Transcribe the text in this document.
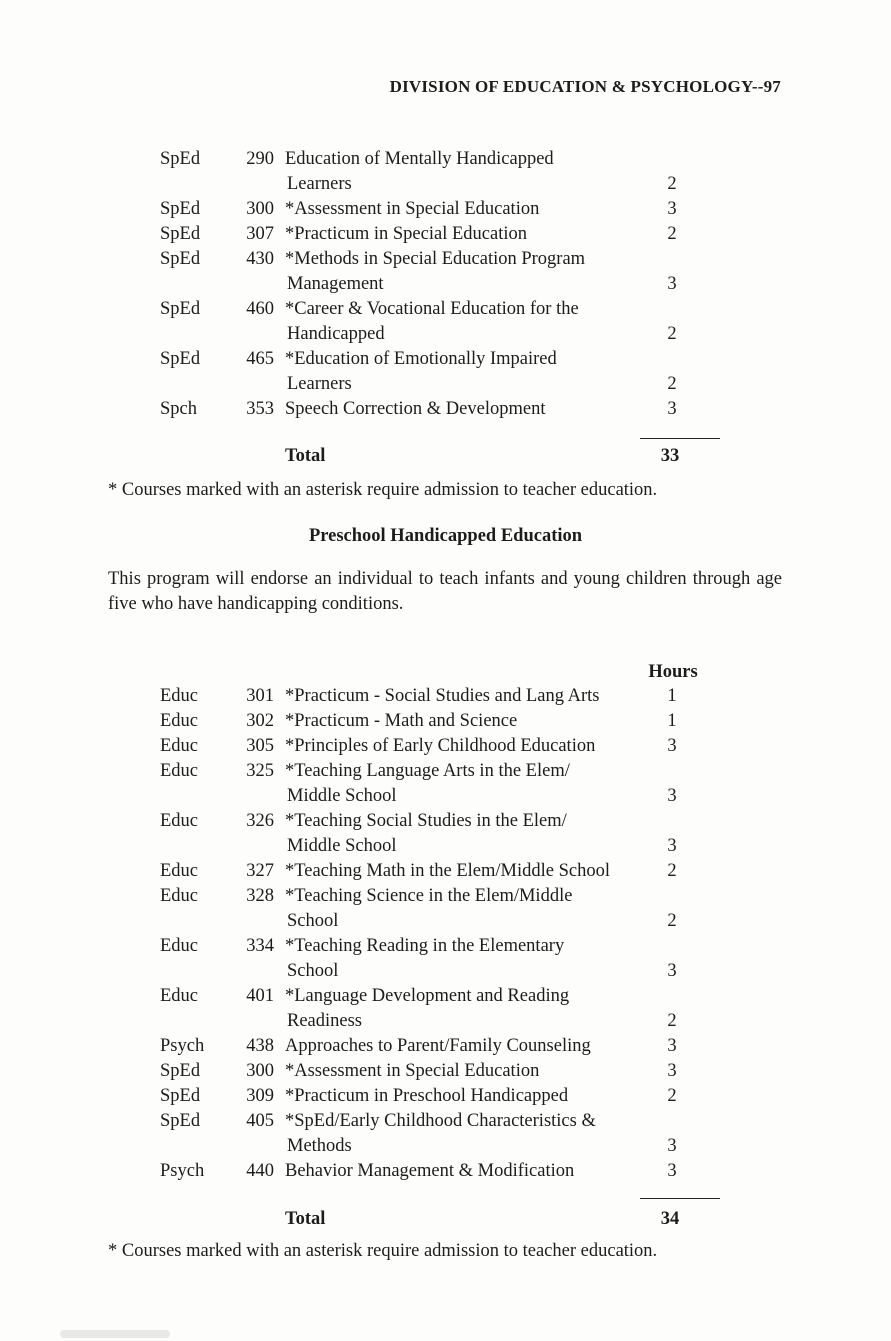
DIVISION OF EDUCATION & PSYCHOLOGY--97
SpEd	290 Education of Mentally Handicapped
Learners	2
SpEd	300 *Assessment in Special Education	3
SpEd	307 *Practicum in Special Education	2
SpEd	430 *Methods in Special Education Program
Management	3
SpEd	460 *Career & Vocational Education for the
Handicapped	2
SpEd	465 *Education of Emotionally Impaired
Learners	2
Spch	353 Speech Correction & Development	3
Total	33
* Courses marked with an asterisk require admission to teacher education.
Preschool Handicapped Education
This program will endorse an individual to teach infants and young children through age five who have handicapping conditions.
Hours
Educ	301 *Practicum - Social Studies and Lang Arts	1
Educ	302 *Practicum - Math and Science	1
Educ	305 *Principles of Early Childhood Education	3
Educ	325 *Teaching Language Arts in the Elem/
Middle School	3
Educ	326 *Teaching Social Studies in the Elem/
Middle School	3
Educ	327 *Teaching Math in the Elem/Middle School	2
Educ	328 *Teaching Science in the Elem/Middle
School	2
Educ	334 *Teaching Reading in the Elementary
School	3
Educ	401 *Language Development and Reading
Readiness	2
Psych	438 Approaches to Parent/Family Counseling	3
SpEd	300 *Assessment in Special Education	3
SpEd	309 *Practicum in Preschool Handicapped	2
SpEd	405 *SpEd/Early Childhood Characteristics &
Methods	3
Psych	440 Behavior Management & Modification	3
Total	34
* Courses marked with an asterisk require admission to teacher education.
